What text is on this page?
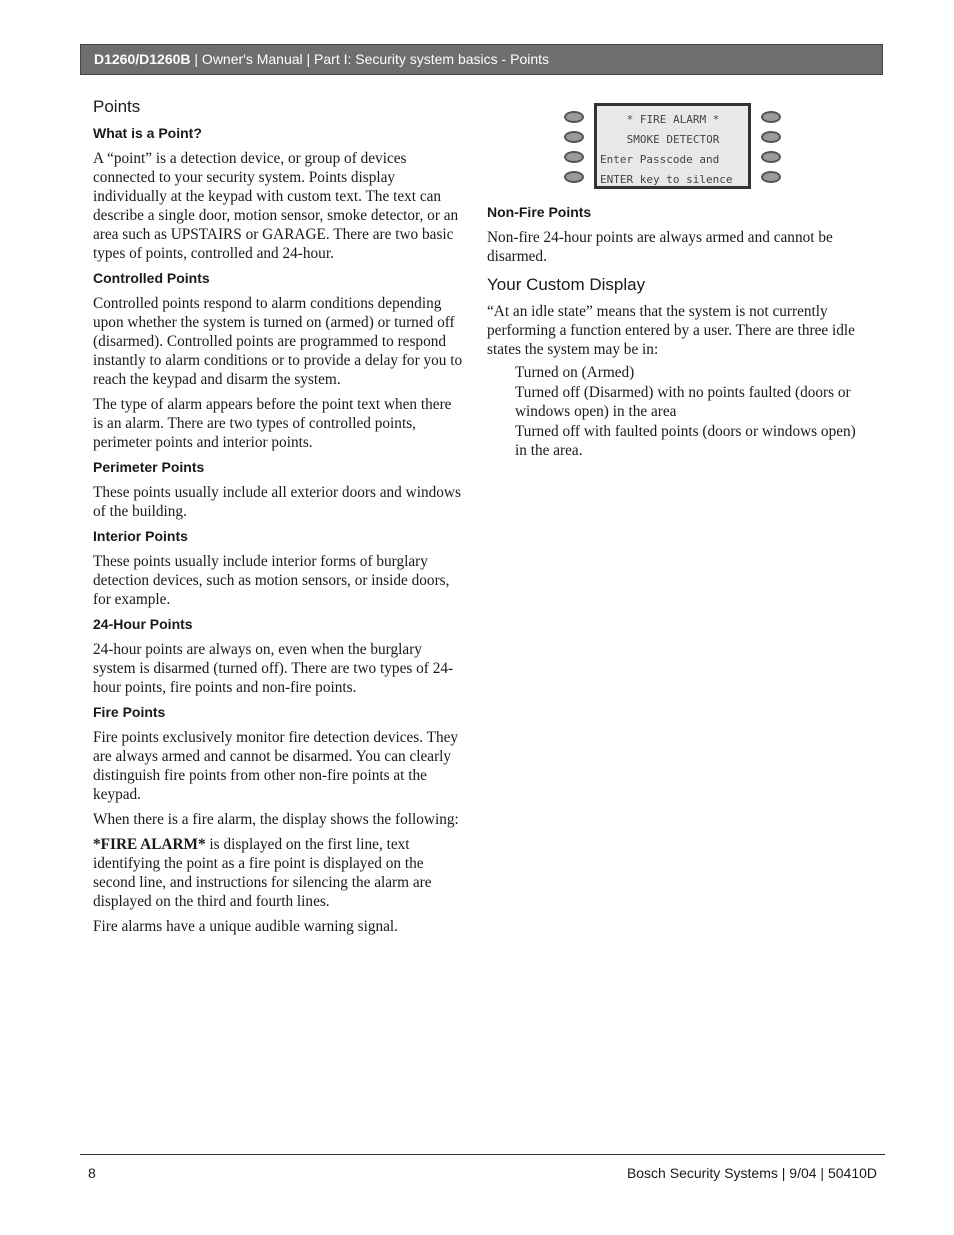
D1260/D1260B | Owner's Manual | Part I: Security system basics - Points
Points
What is a Point?

A “point” is a detection device, or group of devices connected to your security system. Points display individually at the keypad with custom text. The text can describe a single door, motion sensor, smoke detector, or an area such as UPSTAIRS or GARAGE. There are two basic types of points, controlled and 24-hour.

Controlled Points

Controlled points respond to alarm conditions depending upon whether the system is turned on (armed) or turned off (disarmed). Controlled points are programmed to respond instantly to alarm conditions or to provide a delay for you to reach the keypad and disarm the system.

The type of alarm appears before the point text when there is an alarm. There are two types of controlled points, perimeter points and interior points.

Perimeter Points

These points usually include all exterior doors and windows of the building.

Interior Points

These points usually include interior forms of burglary detection devices, such as motion sensors, or inside doors, for example.

24-Hour Points

24-hour points are always on, even when the burglary system is disarmed (turned off). There are two types of 24-hour points, fire points and non-fire points.

Fire Points

Fire points exclusively monitor fire detection devices. They are always armed and cannot be disarmed. You can clearly distinguish fire points from other non-fire points at the keypad.

When there is a fire alarm, the display shows the following:

*FIRE ALARM* is displayed on the first line, text identifying the point as a fire point is displayed on the second line, and instructions for silencing the alarm are displayed on the third and fourth lines.

Fire alarms have a unique audible warning signal.

* FIRE ALARM *
SMOKE DETECTOR
Enter Passcode and
ENTER key to silence
Non-Fire Points

Non-fire 24-hour points are always armed and cannot be disarmed.

Your Custom Display

“At an idle state” means that the system is not currently performing a function entered by a user. There are three idle states the system may be in:

Turned on (Armed)
Turned off (Disarmed) with no points faulted (doors or windows open) in the area
Turned off with faulted points (doors or windows open) in the area.
8	Bosch Security Systems | 9/04 | 50410D
